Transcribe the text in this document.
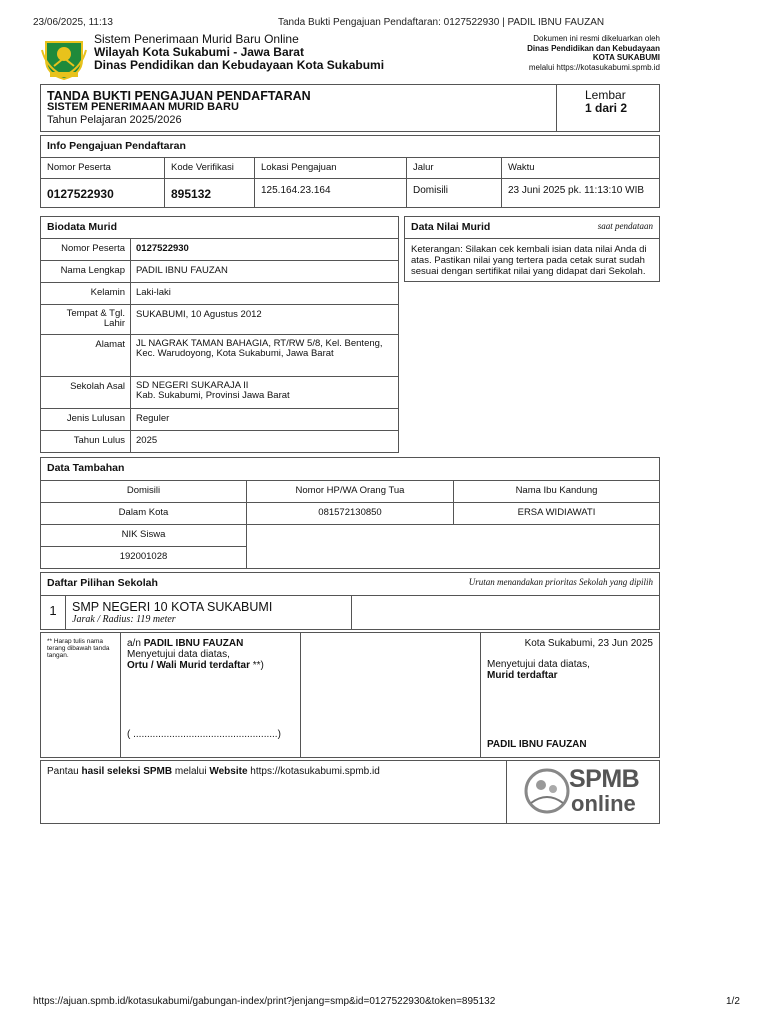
23/06/2025, 11:13	Tanda Bukti Pengajuan Pendaftaran: 0127522930 | PADIL IBNU FAUZAN
Sistem Penerimaan Murid Baru Online
Wilayah Kota Sukabumi - Jawa Barat
Dinas Pendidikan dan Kebudayaan Kota Sukabumi
Dokumen ini resmi dikeluarkan oleh
Dinas Pendidikan dan Kebudayaan
KOTA SUKABUMI
melalui https://kotasukabumi.spmb.id
TANDA BUKTI PENGAJUAN PENDAFTARAN
SISTEM PENERIMAAN MURID BARU
Tahun Pelajaran 2025/2026
Lembar
1 dari 2
Info Pengajuan Pendaftaran				
Nomor Peserta	Kode Verifikasi	Lokasi Pengajuan	Jalur	Waktu
0127522930	895132	125.164.23.164	Domisili	23 Juni 2025 pk. 11:13:10 WIB
Biodata Murid	
Nomor Peserta	0127522930
Nama Lengkap	PADIL IBNU FAUZAN
Kelamin	Laki-laki
Tempat & Tgl. Lahir	SUKABUMI, 10 Agustus 2012
Alamat	JL NAGRAK TAMAN BAHAGIA, RT/RW 5/8, Kel. Benteng, Kec. Warudoyong, Kota Sukabumi, Jawa Barat
Sekolah Asal	SD NEGERI SUKARAJA II
Kab. Sukabumi, Provinsi Jawa Barat

Jenis Lulusan	Reguler
Tahun Lulus	2025
Data Nilai Murid	saat pendataan

Keterangan: Silakan cek kembali isian data nilai Anda di atas. Pastikan nilai yang tertera pada cetak surat sudah sesuai dengan sertifikat nilai yang didapat dari Sekolah.
Data Tambahan		
Domisili	Nomor HP/WA Orang Tua	Nama Ibu Kandung
Dalam Kota	081572130850	ERSA WIDIAWATI
NIK Siswa		
192001028		
Daftar Pilihan Sekolah	Urutan menandakan prioritas Sekolah yang dipilih

1	SMP NEGERI 10 KOTA SUKABUMI
Jarak / Radius: 119 meter

** Harap tulis nama terang dibawah tanda tangan.
a/n PADIL IBNU FAUZAN
Menyetujui data diatas,
Ortu / Wali Murid terdaftar **)
( ....................................................)
Kota Sukabumi, 23 Jun 2025
Menyetujui data diatas,
Murid terdaftar
PADIL IBNU FAUZAN
Pantau hasil seleksi SPMB melalui Website https://kotasukabumi.spmb.id	SPMB
online
https://ajuan.spmb.id/kotasukabumi/gabungan-index/print?jenjang=smp&id=0127522930&token=895132	1/2
